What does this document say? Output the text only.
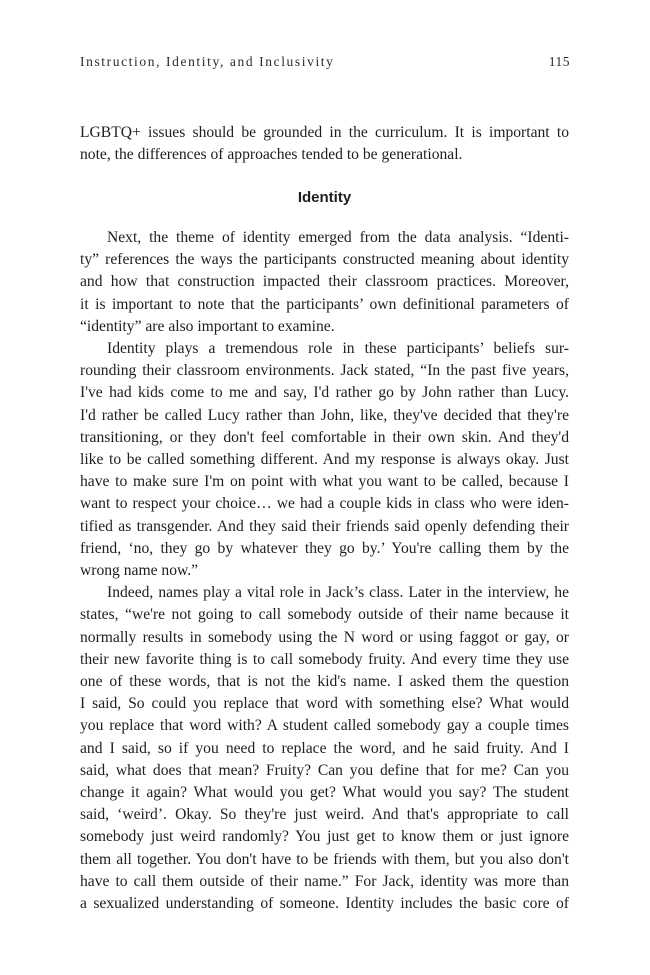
Instruction, Identity, and Inclusivity	115
LGBTQ+ issues should be grounded in the curriculum. It is important to
note, the differences of approaches tended to be generational.
Identity
Next, the theme of identity emerged from the data analysis. “Identi-
ty” references the ways the participants constructed meaning about identity
and how that construction impacted their classroom practices. Moreover,
it is important to note that the participants’ own definitional parameters of
“identity” are also important to examine.
Identity plays a tremendous role in these participants’ beliefs sur-
rounding their classroom environments. Jack stated, “In the past five years,
I've had kids come to me and say, I'd rather go by John rather than Lucy.
I'd rather be called Lucy rather than John, like, they've decided that they're
transitioning, or they don't feel comfortable in their own skin. And they'd
like to be called something different. And my response is always okay. Just
have to make sure I'm on point with what you want to be called, because I
want to respect your choice… we had a couple kids in class who were iden-
tified as transgender. And they said their friends said openly defending their
friend, ‘no, they go by whatever they go by.’ You're calling them by the
wrong name now.”
Indeed, names play a vital role in Jack’s class. Later in the interview, he
states, “we're not going to call somebody outside of their name because it
normally results in somebody using the N word or using faggot or gay, or
their new favorite thing is to call somebody fruity. And every time they use
one of these words, that is not the kid's name. I asked them the question
I said, So could you replace that word with something else? What would
you replace that word with? A student called somebody gay a couple times
and I said, so if you need to replace the word, and he said fruity. And I
said, what does that mean? Fruity? Can you define that for me? Can you
change it again? What would you get? What would you say? The student
said, ‘weird’. Okay. So they're just weird. And that's appropriate to call
somebody just weird randomly? You just get to know them or just ignore
them all together. You don't have to be friends with them, but you also don't
have to call them outside of their name.” For Jack, identity was more than
a sexualized understanding of someone. Identity includes the basic core of
